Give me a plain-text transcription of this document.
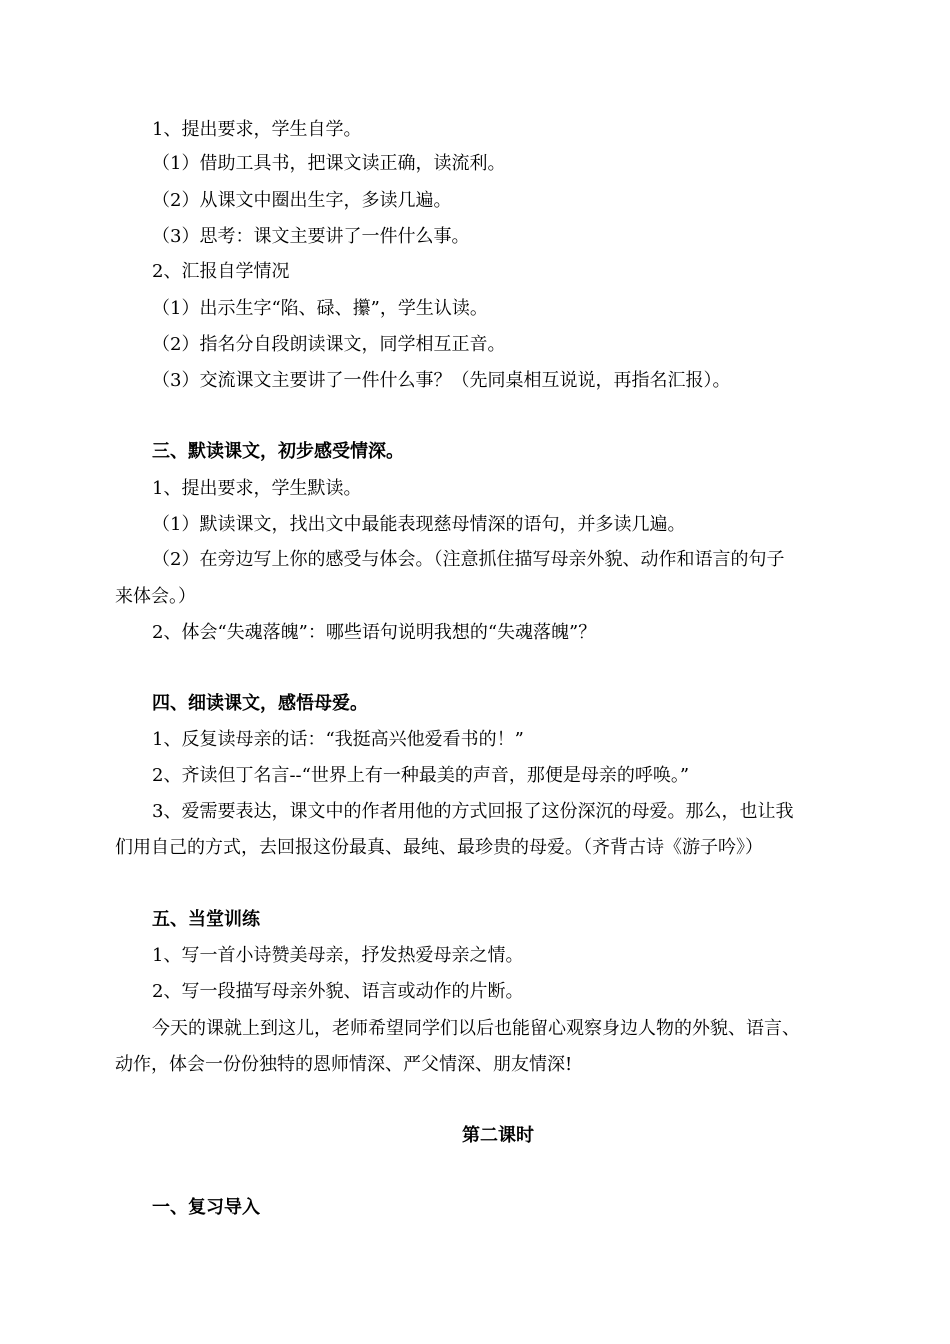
1、提出要求，学生自学。
（1）借助工具书，把课文读正确，读流利。
（2）从课文中圈出生字，多读几遍。
（3）思考：课文主要讲了一件什么事。
2、汇报自学情况
（1）出示生字“陷、碌、攥”，学生认读。
（2）指名分自段朗读课文，同学相互正音。
（3）交流课文主要讲了一件什么事？（先同桌相互说说，再指名汇报）。
三、默读课文，初步感受情深。
1、提出要求，学生默读。
（1）默读课文，找出文中最能表现慈母情深的语句，并多读几遍。
（2）在旁边写上你的感受与体会。（注意抓住描写母亲外貌、动作和语言的句子
来体会。）
2、体会“失魂落魄”：哪些语句说明我想的“失魂落魄”？
四、细读课文，感悟母爱。
1、反复读母亲的话：“我挺高兴他爱看书的！”
2、齐读但丁名言--“世界上有一种最美的声音，那便是母亲的呼唤。”
3、爱需要表达，课文中的作者用他的方式回报了这份深沉的母爱。那么，也让我
们用自己的方式，去回报这份最真、最纯、最珍贵的母爱。（齐背古诗《游子吟》）
五、当堂训练
1、写一首小诗赞美母亲，抒发热爱母亲之情。
2、写一段描写母亲外貌、语言或动作的片断。
今天的课就上到这儿，老师希望同学们以后也能留心观察身边人物的外貌、语言、
动作，体会一份份独特的恩师情深、严父情深、朋友情深!
第二课时
一、复习导入
